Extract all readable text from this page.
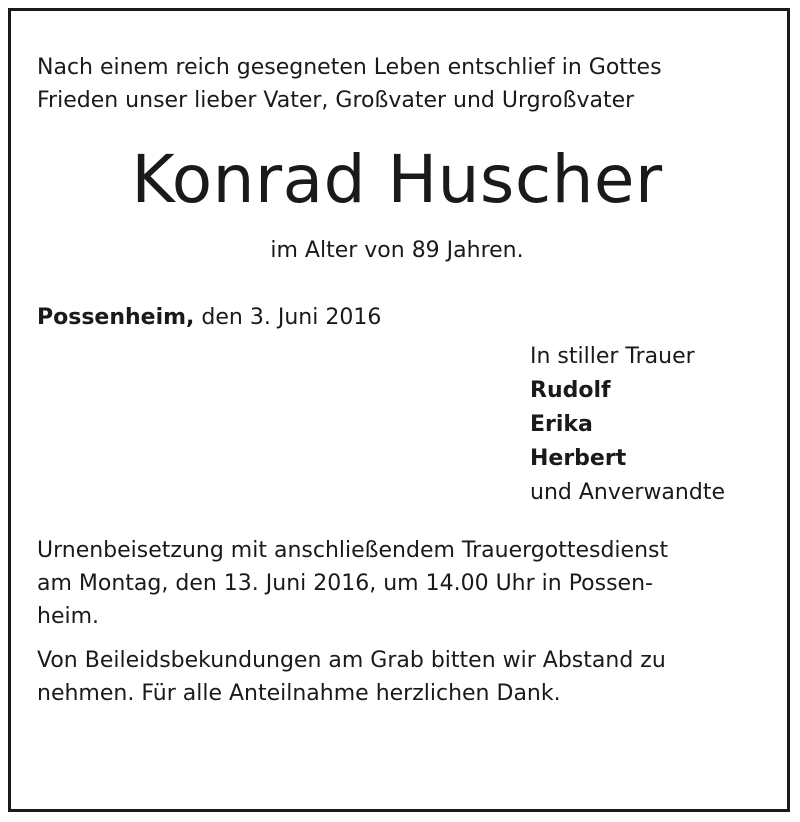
Nach einem reich gesegneten Leben entschlief in Gottes
Frieden unser lieber Vater, Großvater und Urgroßvater

Konrad Huscher

im Alter von 89 Jahren.

Possenheim, den 3. Juni 2016

In stiller Trauer
Rudolf
Erika
Herbert
und Anverwandte

Urnenbeisetzung mit anschließendem Trauergottesdienst
am Montag, den 13. Juni 2016, um 14.00 Uhr in Possen-
heim.

Von Beileidsbekundungen am Grab bitten wir Abstand zu
nehmen. Für alle Anteilnahme herzlichen Dank.
